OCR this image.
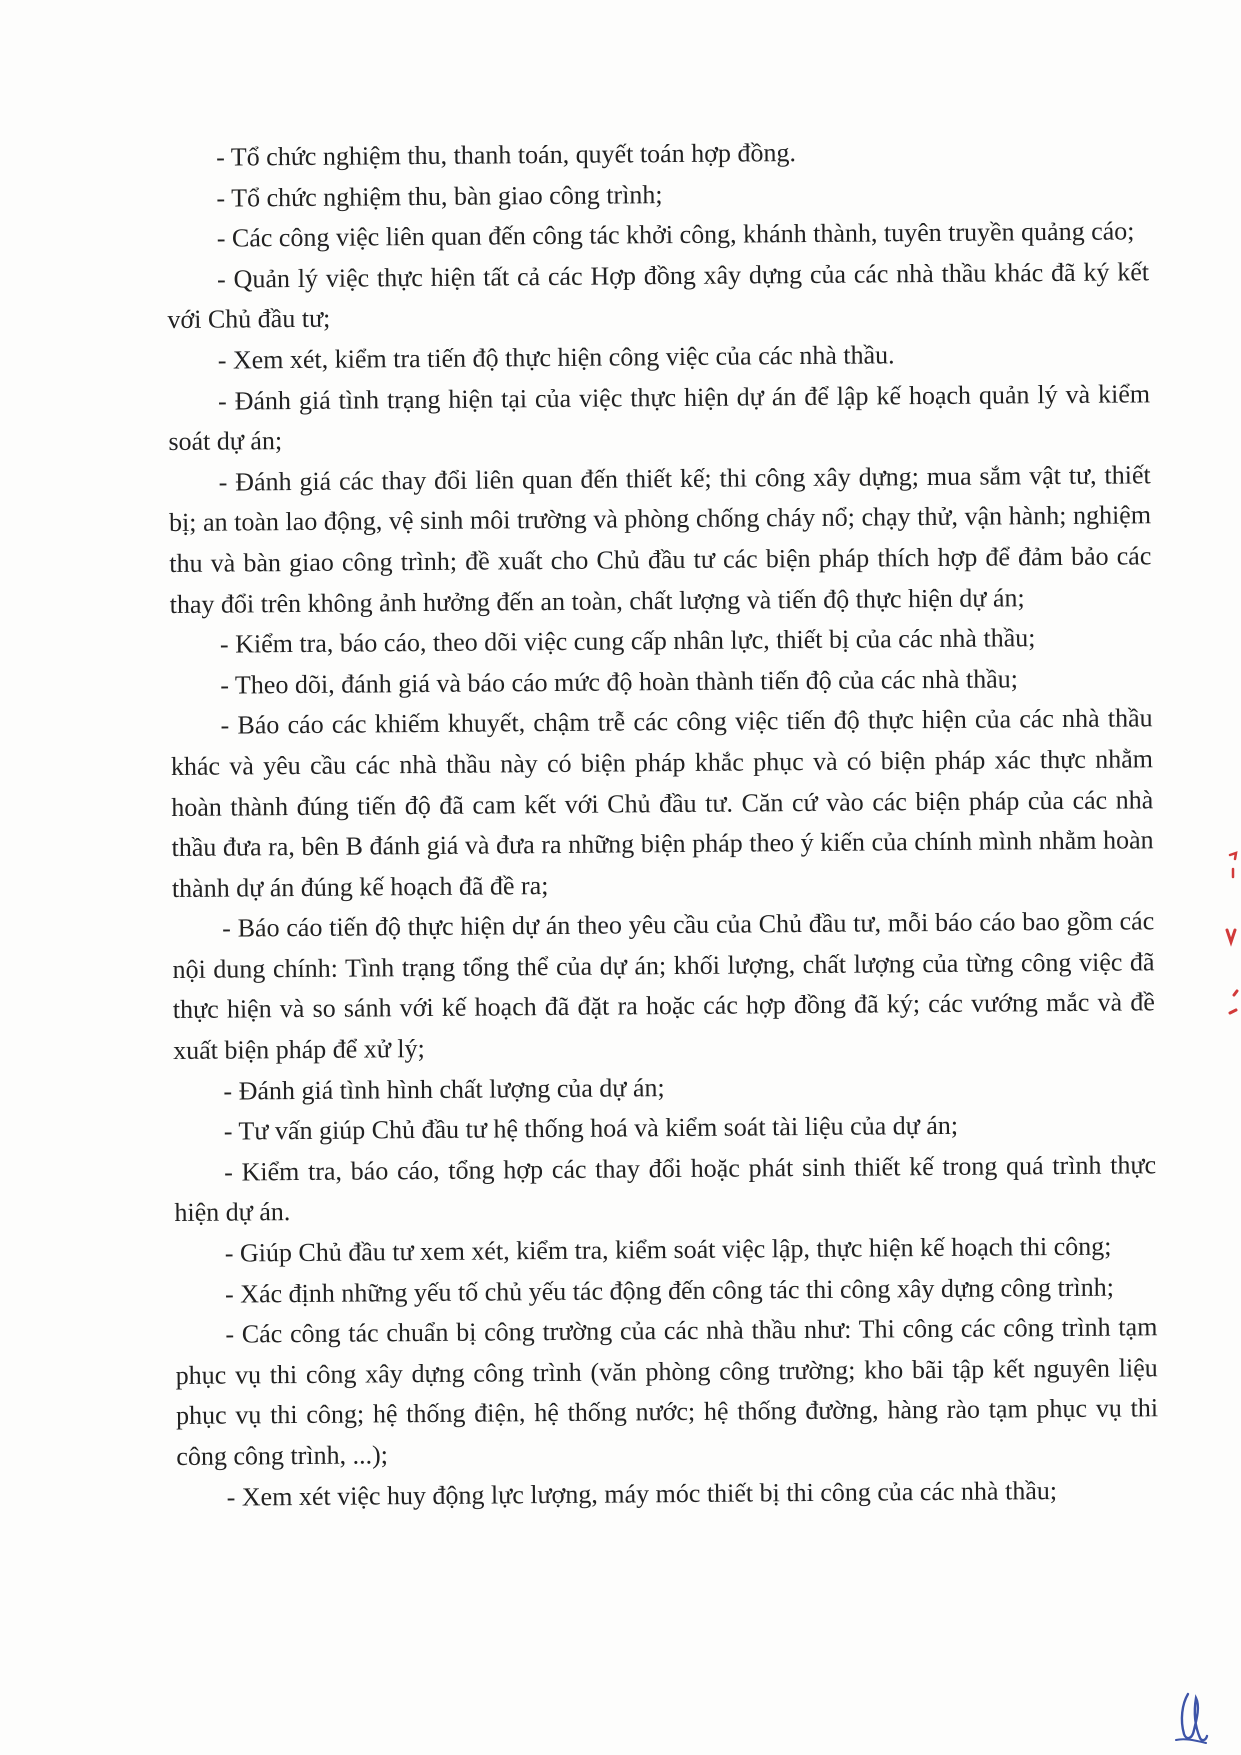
- Tổ chức nghiệm thu, thanh toán, quyết toán hợp đồng.

- Tổ chức nghiệm thu, bàn giao công trình;

- Các công việc liên quan đến công tác khởi công, khánh thành, tuyên truyền quảng cáo;

- Quản lý việc thực hiện tất cả các Hợp đồng xây dựng của các nhà thầu khác đã ký kết với Chủ đầu tư;

- Xem xét, kiểm tra tiến độ thực hiện công việc của các nhà thầu.

- Đánh giá tình trạng hiện tại của việc thực hiện dự án để lập kế hoạch quản lý và kiểm soát dự án;

- Đánh giá các thay đổi liên quan đến thiết kế; thi công xây dựng; mua sắm vật tư, thiết bị; an toàn lao động, vệ sinh môi trường và phòng chống cháy nổ; chạy thử, vận hành; nghiệm thu và bàn giao công trình; đề xuất cho Chủ đầu tư các biện pháp thích hợp để đảm bảo các thay đổi trên không ảnh hưởng đến an toàn, chất lượng và tiến độ thực hiện dự án;

- Kiểm tra, báo cáo, theo dõi việc cung cấp nhân lực, thiết bị của các nhà thầu;

- Theo dõi, đánh giá và báo cáo mức độ hoàn thành tiến độ của các nhà thầu;

- Báo cáo các khiếm khuyết, chậm trễ các công việc tiến độ thực hiện của các nhà thầu khác và yêu cầu các nhà thầu này có biện pháp khắc phục và có biện pháp xác thực nhằm hoàn thành đúng tiến độ đã cam kết với Chủ đầu tư. Căn cứ vào các biện pháp của các nhà thầu đưa ra, bên B đánh giá và đưa ra những biện pháp theo ý kiến của chính mình nhằm hoàn thành dự án đúng kế hoạch đã đề ra;

- Báo cáo tiến độ thực hiện dự án theo yêu cầu của Chủ đầu tư, mỗi báo cáo bao gồm các nội dung chính: Tình trạng tổng thể của dự án; khối lượng, chất lượng của từng công việc đã thực hiện và so sánh với kế hoạch đã đặt ra hoặc các hợp đồng đã ký; các vướng mắc và đề xuất biện pháp để xử lý;

- Đánh giá tình hình chất lượng của dự án;

- Tư vấn giúp Chủ đầu tư hệ thống hoá và kiểm soát tài liệu của dự án;

- Kiểm tra, báo cáo, tổng hợp các thay đổi hoặc phát sinh thiết kế trong quá trình thực hiện dự án.

- Giúp Chủ đầu tư xem xét, kiểm tra, kiểm soát việc lập, thực hiện kế hoạch thi công;

- Xác định những yếu tố chủ yếu tác động đến công tác thi công xây dựng công trình;

- Các công tác chuẩn bị công trường của các nhà thầu như: Thi công các công trình tạm phục vụ thi công xây dựng công trình (văn phòng công trường; kho bãi tập kết nguyên liệu phục vụ thi công; hệ thống điện, hệ thống nước; hệ thống đường, hàng rào tạm phục vụ thi công công trình, ...);

- Xem xét việc huy động lực lượng, máy móc thiết bị thi công của các nhà thầu;
